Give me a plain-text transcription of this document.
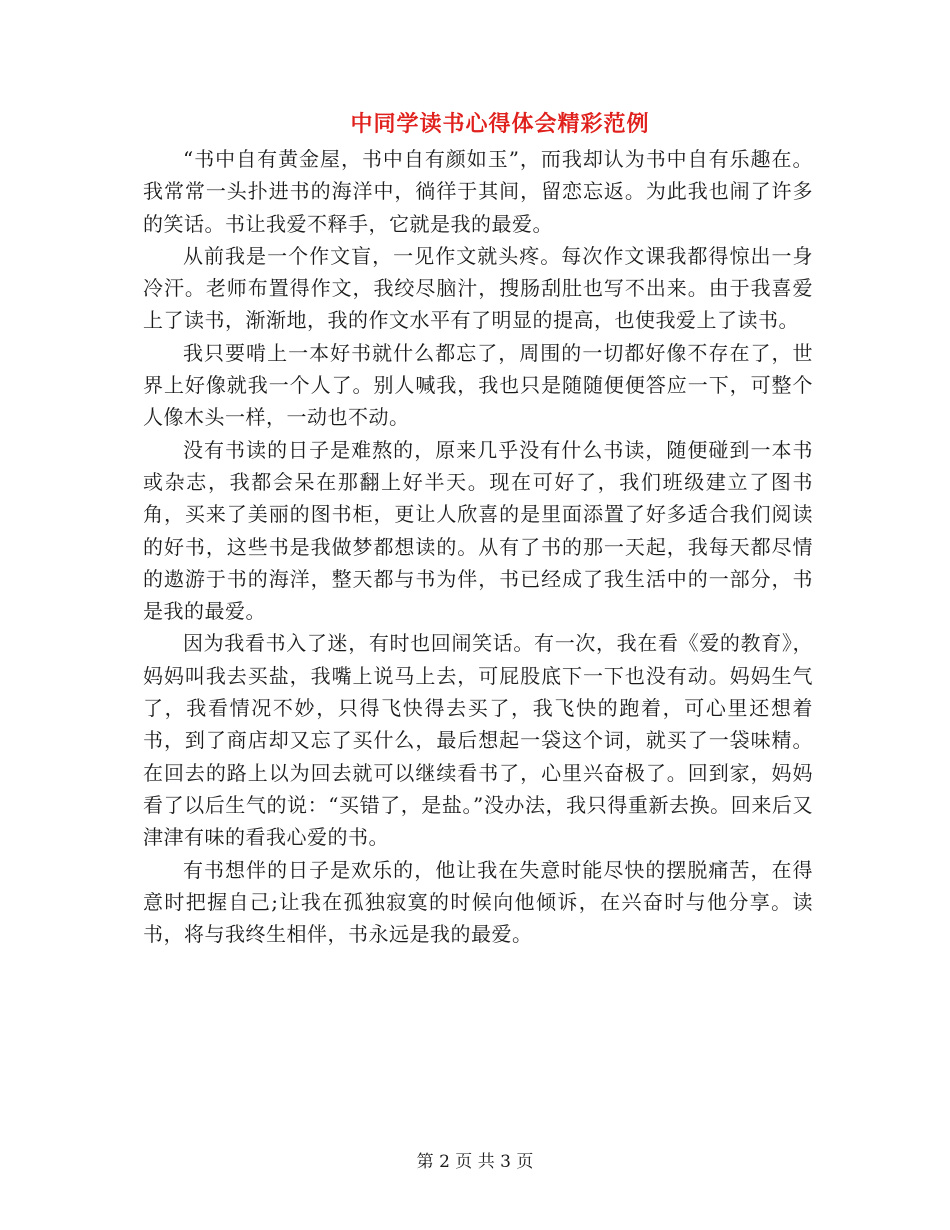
中同学读书心得体会精彩范例

“书中自有黄金屋，书中自有颜如玉”，而我却认为书中自有乐趣在。我常常一头扑进书的海洋中，徜徉于其间，留恋忘返。为此我也闹了许多的笑话。书让我爱不释手，它就是我的最爱。

从前我是一个作文盲，一见作文就头疼。每次作文课我都得惊出一身冷汗。老师布置得作文，我绞尽脑汁，搜肠刮肚也写不出来。由于我喜爱上了读书，渐渐地，我的作文水平有了明显的提高，也使我爱上了读书。

我只要啃上一本好书就什么都忘了，周围的一切都好像不存在了，世界上好像就我一个人了。别人喊我，我也只是随随便便答应一下，可整个人像木头一样，一动也不动。

没有书读的日子是难熬的，原来几乎没有什么书读，随便碰到一本书或杂志，我都会呆在那翻上好半天。现在可好了，我们班级建立了图书角，买来了美丽的图书柜，更让人欣喜的是里面添置了好多适合我们阅读的好书，这些书是我做梦都想读的。从有了书的那一天起，我每天都尽情的遨游于书的海洋，整天都与书为伴，书已经成了我生活中的一部分，书是我的最爱。

因为我看书入了迷，有时也回闹笑话。有一次，我在看《爱的教育》，妈妈叫我去买盐，我嘴上说马上去，可屁股底下一下也没有动。妈妈生气了，我看情况不妙，只得飞快得去买了，我飞快的跑着，可心里还想着书，到了商店却又忘了买什么，最后想起一袋这个词，就买了一袋味精。在回去的路上以为回去就可以继续看书了，心里兴奋极了。回到家，妈妈看了以后生气的说：“买错了，是盐。”没办法，我只得重新去换。回来后又津津有味的看我心爱的书。

有书想伴的日子是欢乐的，他让我在失意时能尽快的摆脱痛苦，在得意时把握自己;让我在孤独寂寞的时候向他倾诉，在兴奋时与他分享。读书，将与我终生相伴，书永远是我的最爱。

第 2 页 共 3 页
